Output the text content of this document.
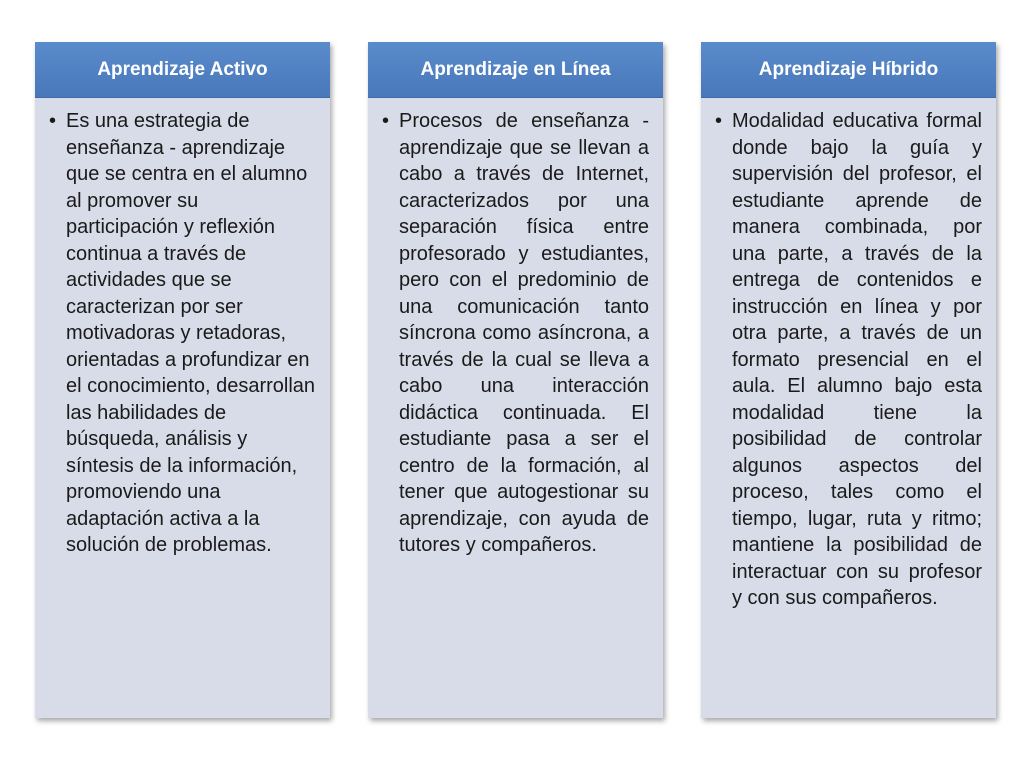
Aprendizaje Activo
• Es una estrategia de enseñanza - aprendizaje que se centra en el alumno al promover su participación y reflexión continua a través de actividades que se caracterizan por ser motivadoras y retadoras, orientadas a profundizar en el conocimiento, desarrollan las habilidades de búsqueda, análisis y síntesis de la información, promoviendo una adaptación activa a la solución de problemas.
Aprendizaje en Línea
• Procesos de enseñanza - aprendizaje que se llevan a cabo a través de Internet, caracterizados por una separación física entre profesorado y estudiantes, pero con el predominio de una comunicación tanto síncrona como asíncrona, a través de la cual se lleva a cabo una interacción didáctica continuada. El estudiante pasa a ser el centro de la formación, al tener que autogestionar su aprendizaje, con ayuda de tutores y compañeros.
Aprendizaje Híbrido
• Modalidad educativa formal donde bajo la guía y supervisión del profesor, el estudiante aprende de manera combinada, por una parte, a través de la entrega de contenidos e instrucción en línea y por otra parte, a través de un formato presencial en el aula. El alumno bajo esta modalidad tiene la posibilidad de controlar algunos aspectos del proceso, tales como el tiempo, lugar, ruta y ritmo; mantiene la posibilidad de interactuar con su profesor y con sus compañeros.
